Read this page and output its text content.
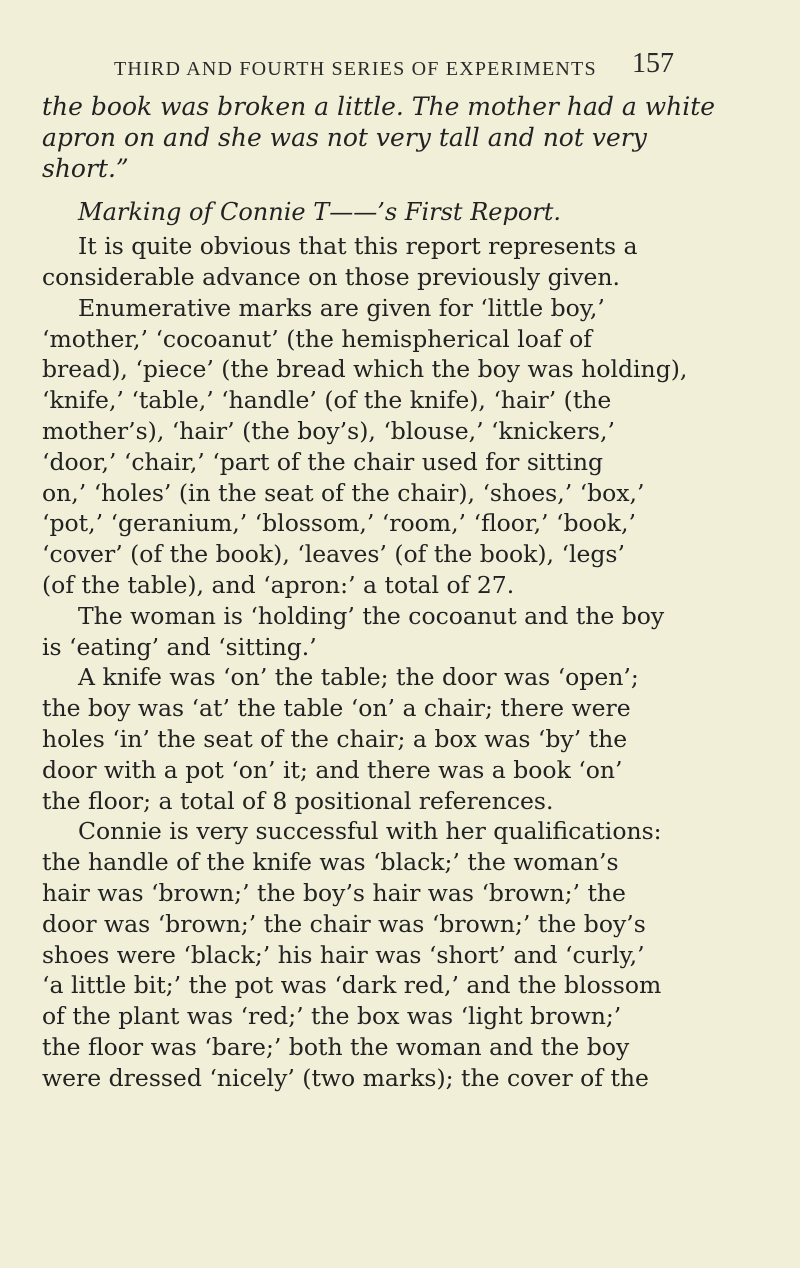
THIRD AND FOURTH SERIES OF EXPERIMENTS 157
the book was broken a little. The mother had a white
apron on and she was not very tall and not very
short.”
Marking of Connie T——’s First Report.
It is quite obvious that this report represents a
considerable advance on those previously given.
Enumerative marks are given for ‘little boy,’
‘mother,’ ‘cocoanut’ (the hemispherical loaf of
bread), ‘piece’ (the bread which the boy was holding),
‘knife,’ ‘table,’ ‘handle’ (of the knife), ‘hair’ (the
mother’s), ‘hair’ (the boy’s), ‘blouse,’ ‘knickers,’
‘door,’ ‘chair,’ ‘part of the chair used for sitting
on,’ ‘holes’ (in the seat of the chair), ‘shoes,’ ‘box,’
‘pot,’ ‘geranium,’ ‘blossom,’ ‘room,’ ‘floor,’ ‘book,’
‘cover’ (of the book), ‘leaves’ (of the book), ‘legs’
(of the table), and ‘apron:’ a total of 27.
The woman is ‘holding’ the cocoanut and the boy
is ‘eating’ and ‘sitting.’
A knife was ‘on’ the table; the door was ‘open’;
the boy was ‘at’ the table ‘on’ a chair; there were
holes ‘in’ the seat of the chair; a box was ‘by’ the
door with a pot ‘on’ it; and there was a book ‘on’
the floor; a total of 8 positional references.
Connie is very successful with her qualifications:
the handle of the knife was ‘black;’ the woman’s
hair was ‘brown;’ the boy’s hair was ‘brown;’ the
door was ‘brown;’ the chair was ‘brown;’ the boy’s
shoes were ‘black;’ his hair was ‘short’ and ‘curly,’
‘a little bit;’ the pot was ‘dark red,’ and the blossom
of the plant was ‘red;’ the box was ‘light brown;’
the floor was ‘bare;’ both the woman and the boy
were dressed ‘nicely’ (two marks); the cover of the
